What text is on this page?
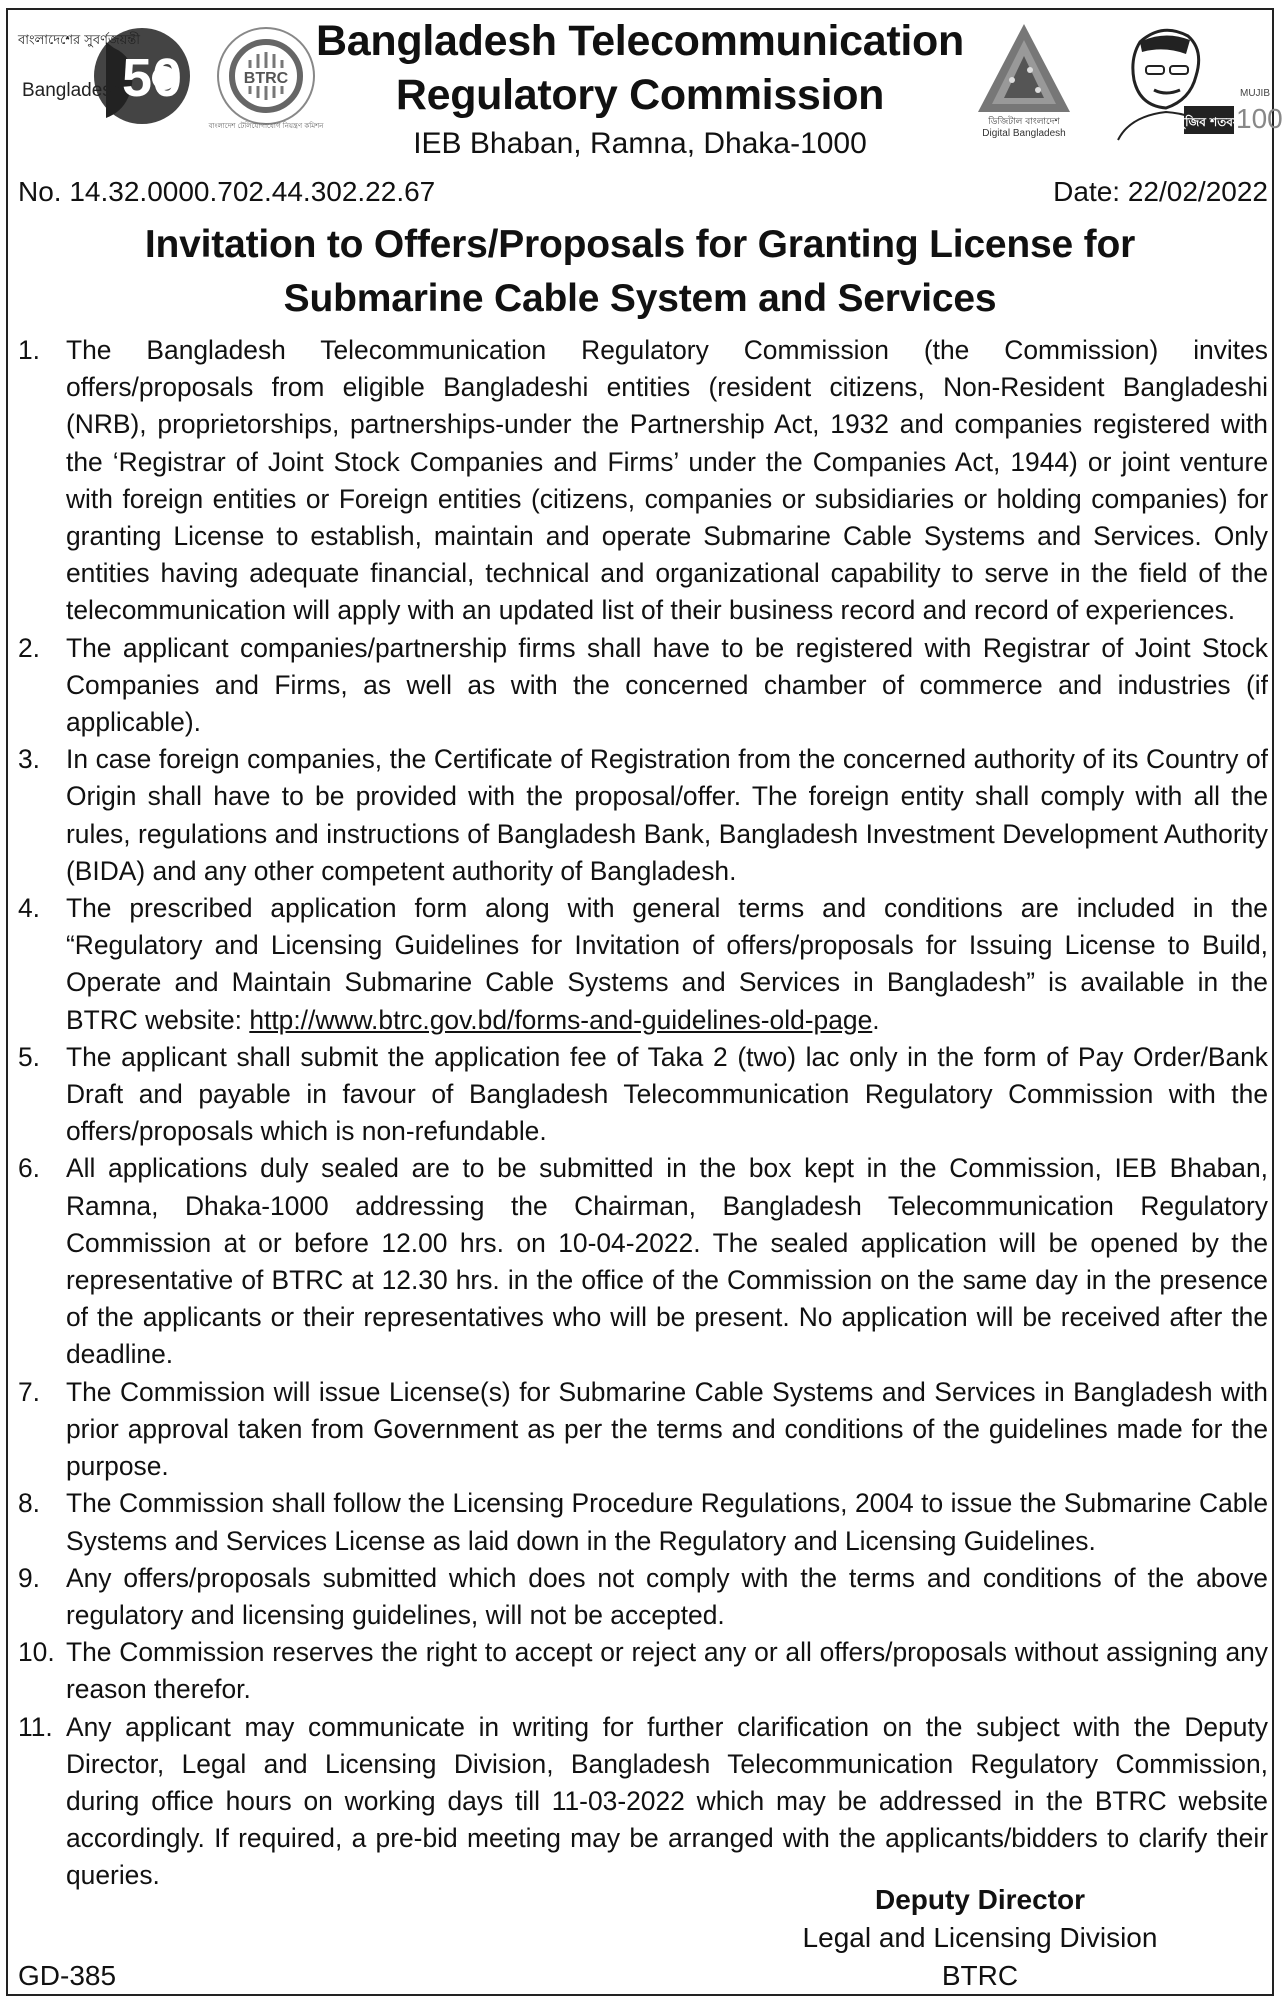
50
বাংলাদেশের সুবর্ণজয়ন্তী
Bangladesh
BTRC
বাংলাদেশ টেলিযোগাযোগ নিয়ন্ত্রণ কমিশন
Bangladesh Telecommunication
Regulatory Commission
IEB Bhaban, Ramna, Dhaka-1000
ডিজিটাল বাংলাদেশ
Digital Bangladesh
মুজিব শতবর্ষ
MUJIB
100
No. 14.32.0000.702.44.302.22.67	Date: 22/02/2022
Invitation to Offers/Proposals for Granting License for
Submarine Cable System and Services
1. The Bangladesh Telecommunication Regulatory Commission (the Commission) invites offers/proposals from eligible Bangladeshi entities (resident citizens, Non-Resident Bangladeshi (NRB), proprietorships, partnerships-under the Partnership Act, 1932 and companies registered with the ‘Registrar of Joint Stock Companies and Firms’ under the Companies Act, 1944) or joint venture with foreign entities or Foreign entities (citizens, companies or subsidiaries or holding companies) for granting License to establish, maintain and operate Submarine Cable Systems and Services. Only entities having adequate financial, technical and organizational capability to serve in the field of the telecommunication will apply with an updated list of their business record and record of experiences.
2. The applicant companies/partnership firms shall have to be registered with Registrar of Joint Stock Companies and Firms, as well as with the concerned chamber of commerce and industries (if applicable).
3. In case foreign companies, the Certificate of Registration from the concerned authority of its Country of Origin shall have to be provided with the proposal/offer. The foreign entity shall comply with all the rules, regulations and instructions of Bangladesh Bank, Bangladesh Investment Development Authority (BIDA) and any other competent authority of Bangladesh.
4. The prescribed application form along with general terms and conditions are included in the “Regulatory and Licensing Guidelines for Invitation of offers/proposals for Issuing License to Build, Operate and Maintain Submarine Cable Systems and Services in Bangladesh” is available in the BTRC website: http://www.btrc.gov.bd/forms-and-guidelines-old-page.
5. The applicant shall submit the application fee of Taka 2 (two) lac only in the form of Pay Order/Bank Draft and payable in favour of Bangladesh Telecommunication Regulatory Commission with the offers/proposals which is non-refundable.
6. All applications duly sealed are to be submitted in the box kept in the Commission, IEB Bhaban, Ramna, Dhaka-1000 addressing the Chairman, Bangladesh Telecommunication Regulatory Commission at or before 12.00 hrs. on 10-04-2022. The sealed application will be opened by the representative of BTRC at 12.30 hrs. in the office of the Commission on the same day in the presence of the applicants or their representatives who will be present. No application will be received after the deadline.
7. The Commission will issue License(s) for Submarine Cable Systems and Services in Bangladesh with prior approval taken from Government as per the terms and conditions of the guidelines made for the purpose.
8. The Commission shall follow the Licensing Procedure Regulations, 2004 to issue the Submarine Cable Systems and Services License as laid down in the Regulatory and Licensing Guidelines.
9. Any offers/proposals submitted which does not comply with the terms and conditions of the above regulatory and licensing guidelines, will not be accepted.
10. The Commission reserves the right to accept or reject any or all offers/proposals without assigning any reason therefor.
11. Any applicant may communicate in writing for further clarification on the subject with the Deputy Director, Legal and Licensing Division, Bangladesh Telecommunication Regulatory Commission, during office hours on working days till 11-03-2022 which may be addressed in the BTRC website accordingly. If required, a pre-bid meeting may be arranged with the applicants/bidders to clarify their queries.
Deputy Director
Legal and Licensing Division
BTRC
GD-385
